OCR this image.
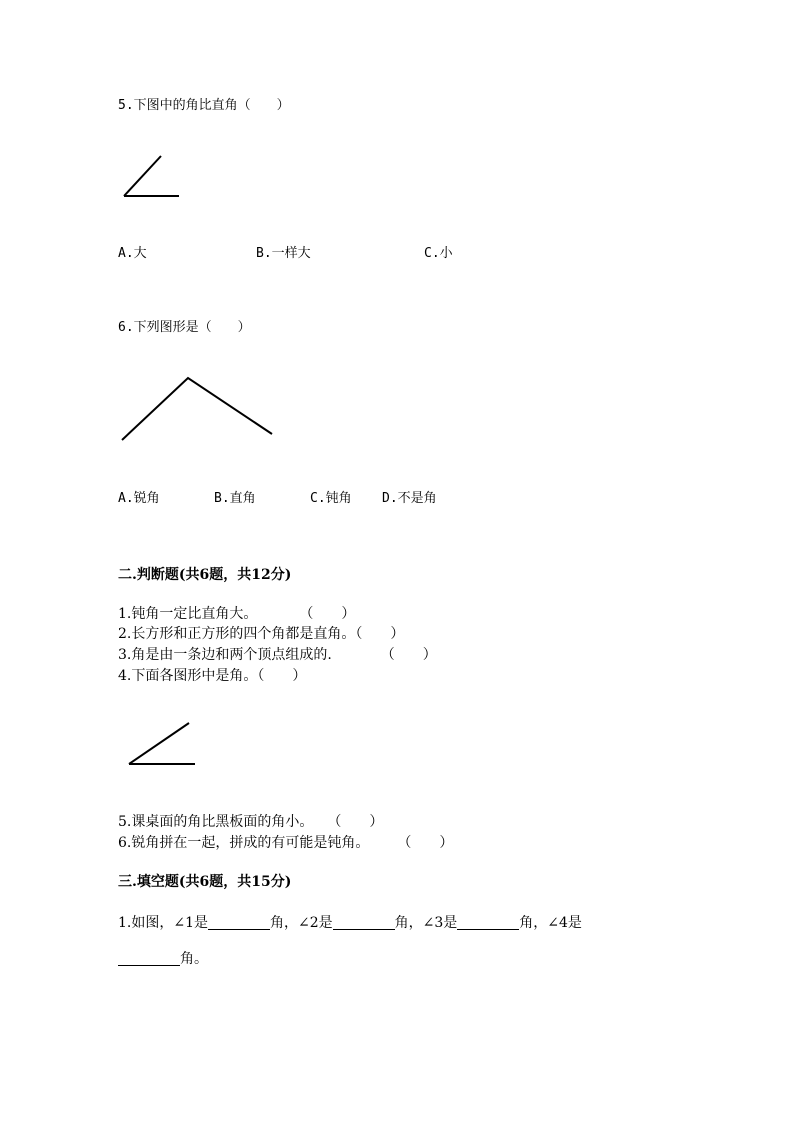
5.下图中的角比直角（　　）
A.大	B.一样大	C.小
6.下列图形是（　　）
A.锐角	B.直角	C.钝角 D.不是角
二.判断题(共6题，共12分)
1.钝角一定比直角大。　　　　（　　）
2.长方形和正方形的四个角都是直角。（　　）
3.角是由一条边和两个顶点组成的.　　　　（　　）
4.下面各图形中是角。（　　）
5.课桌面的角比黑板面的角小。　　（　　）
6.锐角拼在一起，拼成的有可能是钝角。　　　（　　）
三.填空题(共6题，共15分)
1.如图，∠1是	角，∠2是	角，∠3是	角，∠4是
角。
